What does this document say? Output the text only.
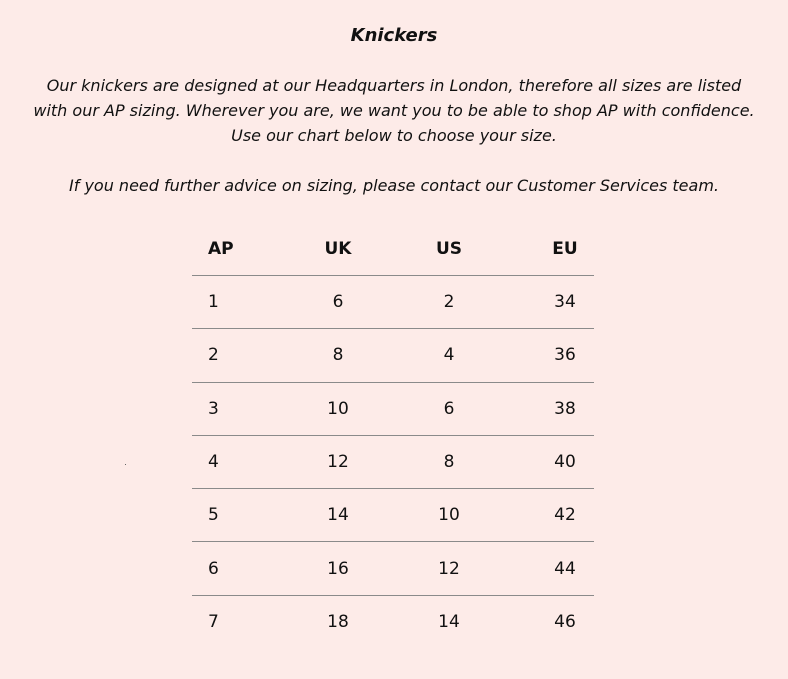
Knickers
Our knickers are designed at our Headquarters in London, therefore all sizes are listed
with our AP sizing. Wherever you are, we want you to be able to shop AP with confidence.
Use our chart below to choose your size.
If you need further advice on sizing, please contact our Customer Services team.
AP	UK	US	EU
1	6	2	34
2	8	4	36
3	10	6	38
4	12	8	40
5	14	10	42
6	16	12	44
7	18	14	46
